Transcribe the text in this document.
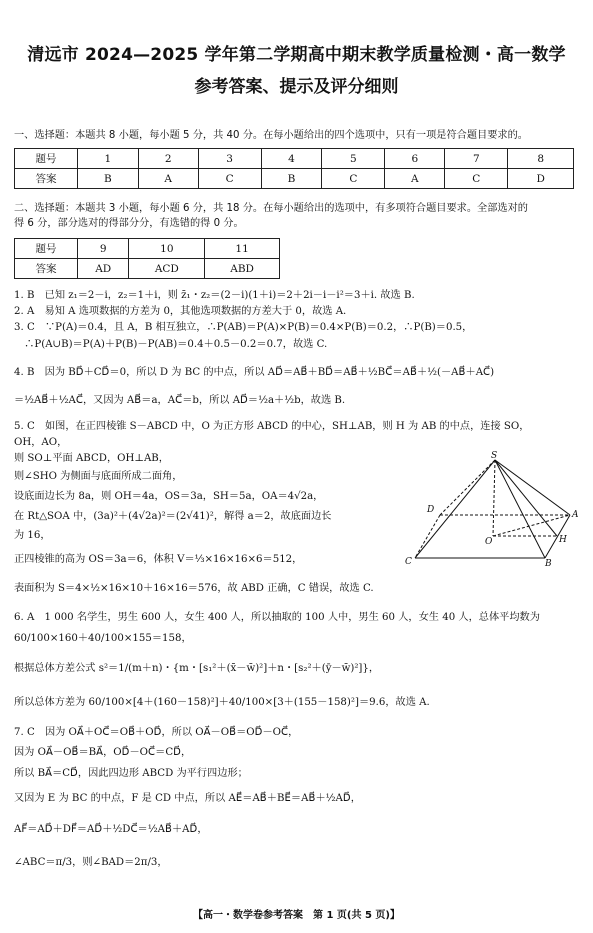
清远市 2024—2025 学年第二学期高中期末教学质量检测・高一数学
参考答案、提示及评分细则
一、选择题：本题共 8 小题，每小题 5 分，共 40 分。在每小题给出的四个选项中，只有一项是符合题目要求的。
题号	1	2	3	4	5	6	7	8
答案	B	A	C	B	C	A	C	D
二、选择题：本题共 3 小题，每小题 6 分，共 18 分。在每小题给出的选项中，有多项符合题目要求。全部选对的
得 6 分，部分选对的得部分分，有选错的得 0 分。
题号	9	10	11
答案	AD	ACD	ABD
1. B　已知 z₁＝2－i，z₂＝1＋i，则 z̄₁・z₂＝(2－i)(1＋i)＝2＋2i－i－i²＝3＋i. 故选 B.
2. A　易知 A 选项数据的方差为 0，其他选项数据的方差大于 0，故选 A.
3. C　∵P(A)＝0.4，且 A，B 相互独立，∴P(AB)＝P(A)×P(B)＝0.4×P(B)＝0.2，∴P(B)＝0.5，
　∴P(A∪B)＝P(A)＋P(B)－P(AB)＝0.4＋0.5－0.2＝0.7，故选 C.
4. B　因为 BD⃗＋CD⃗＝0，所以 D 为 BC 的中点，所以 AD⃗＝AB⃗＋BD⃗＝AB⃗＋½BC⃗＝AB⃗＋½(－AB⃗＋AC⃗)
＝½AB⃗＋½AC⃗，又因为 AB⃗＝a，AC⃗＝b，所以 AD⃗＝½a＋½b，故选 B.
5. C　如图，在正四棱锥 S－ABCD 中，O 为正方形 ABCD 的中心，SH⊥AB，则 H 为 AB 的中点，连接 SO，
OH，AO，
则 SO⊥平面 ABCD，OH⊥AB，
则∠SHO 为侧面与底面所成二面角，
设底面边长为 8a，则 OH＝4a，OS＝3a，SH＝5a，OA＝4√2a，
在 Rt△SOA 中，(3a)²＋(4√2a)²＝(2√41)²，解得 a＝2，故底面边长
为 16，
正四棱锥的高为 OS＝3a＝6，体积 V＝⅓×16×16×6＝512，
表面积为 S＝4×½×16×10＋16×16＝576，故 ABD 正确，C 错误，故选 C.
6. A　1 000 名学生，男生 600 人，女生 400 人，所以抽取的 100 人中，男生 60 人，女生 40 人，总体平均数为
60/100×160＋40/100×155＝158，
根据总体方差公式 s²＝1/(m＋n)・{m・[s₁²＋(x̄－w̄)²]＋n・[s₂²＋(ȳ－w̄)²]}，
所以总体方差为 60/100×[4＋(160－158)²]＋40/100×[3＋(155－158)²]＝9.6，故选 A.
7. C　因为 OA⃗＋OC⃗＝OB⃗＋OD⃗，所以 OA⃗－OB⃗＝OD⃗－OC⃗，
因为 OA⃗－OB⃗＝BA⃗，OD⃗－OC⃗＝CD⃗，
所以 BA⃗＝CD⃗，因此四边形 ABCD 为平行四边形；
又因为 E 为 BC 的中点，F 是 CD 中点，所以 AE⃗＝AB⃗＋BE⃗＝AB⃗＋½AD⃗，
AF⃗＝AD⃗＋DF⃗＝AD⃗＋½DC⃗＝½AB⃗＋AD⃗，
∠ABC＝π/3，则∠BAD＝2π/3，
S
D	A
O	H
C	B
【高一・数学卷参考答案　第 1 页(共 5 页)】
